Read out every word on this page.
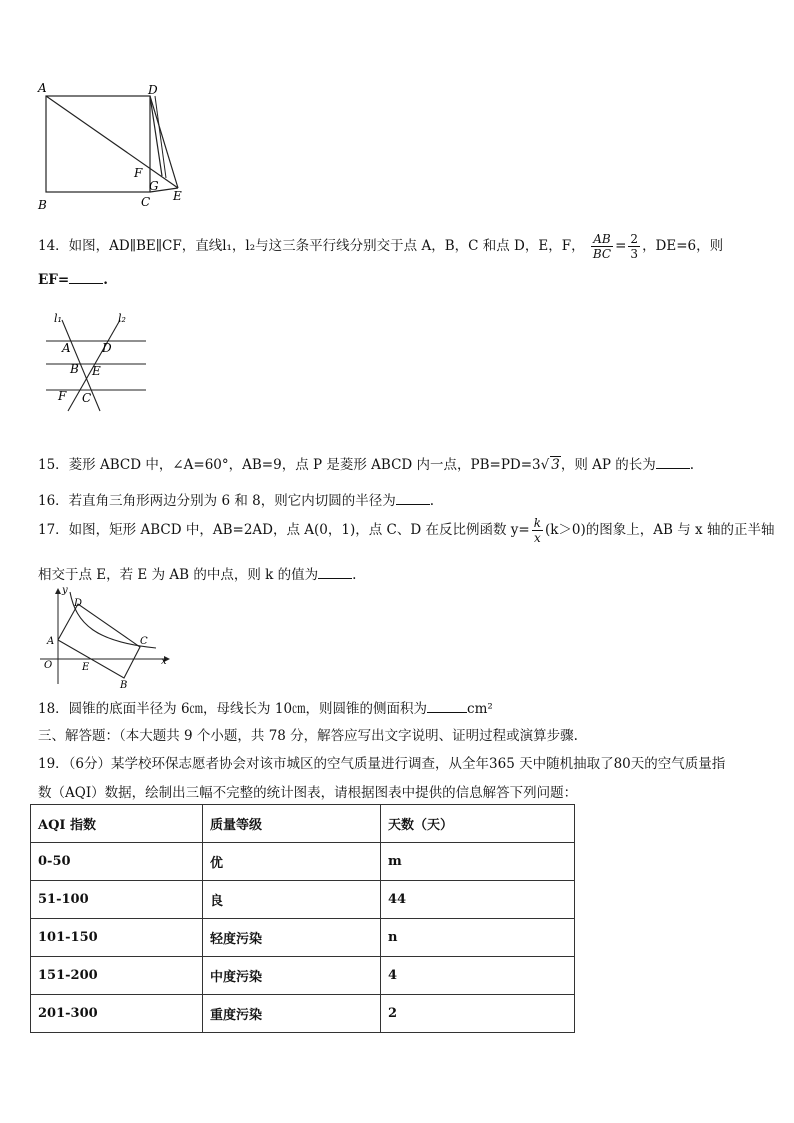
A	D
B	C E
F
G
14．如图，AD∥BE∥CF，直线l₁，l₂与这三条平行线分别交于点 A，B，C 和点 D，E，F， $\frac{AB}{BC} = \frac{2}{3}$ ，DE=6，则
EF=	.
l₁	l₂
A	D
B E
F C
15．菱形 ABCD 中，∠A=60°，AB=9，点 P 是菱形 ABCD 内一点，PB=PD=3√ 3，则 AP 的长为	.
16．若直角三角形两边分别为 6 和 8，则它内切圆的半径为	.
17．如图，矩形 ABCD 中，AB=2AD，点 A(0，1)，点 C、D 在反比例函数 $y= \frac{k}{x} (k>0)$的图象上，AB 与 x 轴的正半轴
相交于点 E，若 E 为 AB 的中点，则 k 的值为	.
y
x
O
A
D
C
E
B
18．圆锥的底面半径为 6㎝，母线长为 10㎝，则圆锥的侧面积为	cm²
三、解答题：（本大题共 9 个小题，共 78 分，解答应写出文字说明、证明过程或演算步骤.
19．（6分）某学校环保志愿者协会对该市城区的空气质量进行调查，从全年365 天中随机抽取了80天的空气质量指
数（AQI）数据，绘制出三幅不完整的统计图表，请根据图表中提供的信息解答下列问题：
AQI 指数	质量等级	天数（天）
0-50	优	m
51-100	良	44
101-150	轻度污染	n
151-200	中度污染	4
201-300	重度污染	2
